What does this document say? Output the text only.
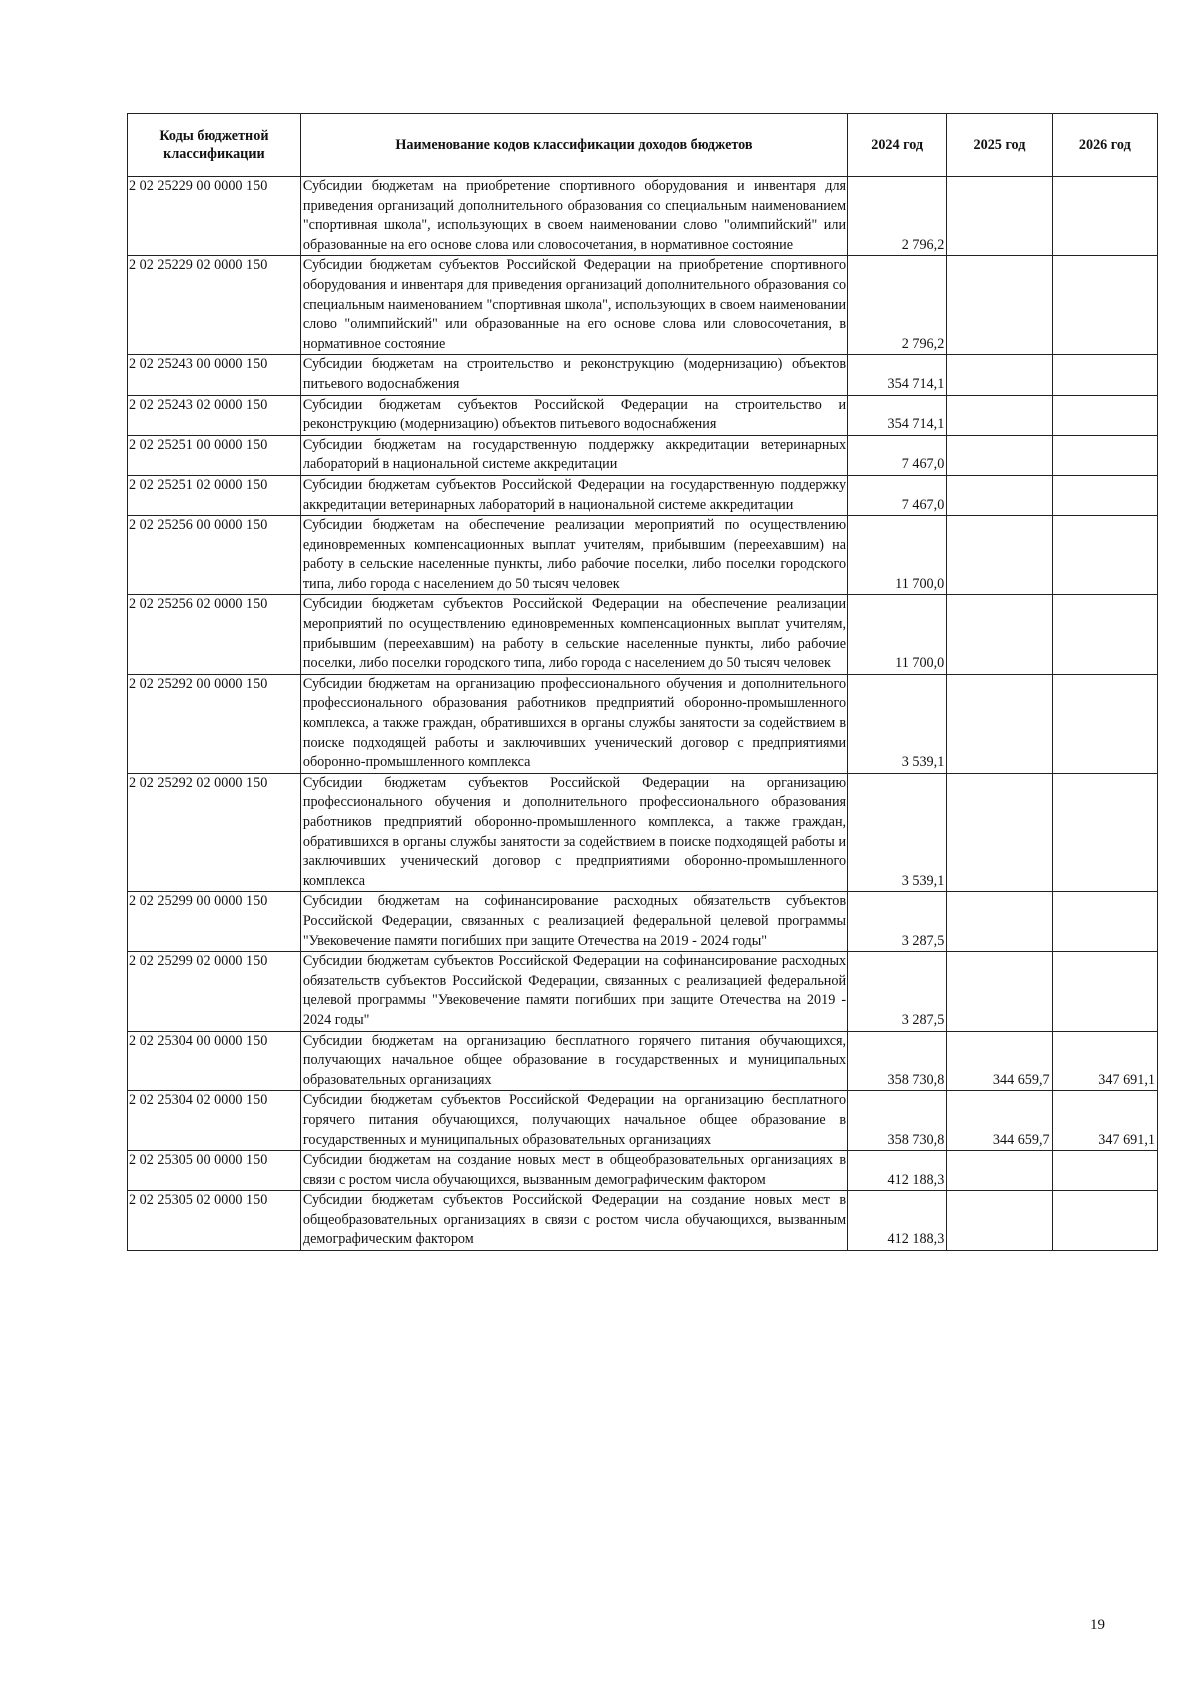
Коды бюджетной классификации	Наименование кодов классификации доходов бюджетов	2024 год	2025 год	2026 год
2 02 25229 00 0000 150	Субсидии бюджетам на приобретение спортивного оборудования и инвентаря для приведения организаций дополнительного образования со специальным наименованием "спортивная школа", использующих в своем наименовании слово "олимпийский" или образованные на его основе слова или словосочетания, в нормативное состояние	2 796,2		
2 02 25229 02 0000 150	Субсидии бюджетам субъектов Российской Федерации на приобретение спортивного оборудования и инвентаря для приведения организаций дополнительного образования со специальным наименованием "спортивная школа", использующих в своем наименовании слово "олимпийский" или образованные на его основе слова или словосочетания, в нормативное состояние	2 796,2		
2 02 25243 00 0000 150	Субсидии бюджетам на строительство и реконструкцию (модернизацию) объектов питьевого водоснабжения	354 714,1		
2 02 25243 02 0000 150	Субсидии бюджетам субъектов Российской Федерации на строительство и реконструкцию (модернизацию) объектов питьевого водоснабжения	354 714,1		
2 02 25251 00 0000 150	Субсидии бюджетам на государственную поддержку аккредитации ветеринарных лабораторий в национальной системе аккредитации	7 467,0		
2 02 25251 02 0000 150	Субсидии бюджетам субъектов Российской Федерации на государственную поддержку аккредитации ветеринарных лабораторий в национальной системе аккредитации	7 467,0		
2 02 25256 00 0000 150	Субсидии бюджетам на обеспечение реализации мероприятий по осуществлению единовременных компенсационных выплат учителям, прибывшим (переехавшим) на работу в сельские населенные пункты, либо рабочие поселки, либо поселки городского типа, либо города с населением до 50 тысяч человек	11 700,0		
2 02 25256 02 0000 150	Субсидии бюджетам субъектов Российской Федерации на обеспечение реализации мероприятий по осуществлению единовременных компенсационных выплат учителям, прибывшим (переехавшим) на работу в сельские населенные пункты, либо рабочие поселки, либо поселки городского типа, либо города с населением до 50 тысяч человек	11 700,0		
2 02 25292 00 0000 150	Субсидии бюджетам на организацию профессионального обучения и дополнительного профессионального образования работников предприятий оборонно-промышленного комплекса, а также граждан, обратившихся в органы службы занятости за содействием в поиске подходящей работы и заключивших ученический договор с предприятиями оборонно-промышленного комплекса	3 539,1		
2 02 25292 02 0000 150	Субсидии бюджетам субъектов Российской Федерации на организацию профессионального обучения и дополнительного профессионального образования работников предприятий оборонно-промышленного комплекса, а также граждан, обратившихся в органы службы занятости за содействием в поиске подходящей работы и заключивших ученический договор с предприятиями оборонно-промышленного комплекса	3 539,1		
2 02 25299 00 0000 150	Субсидии бюджетам на софинансирование расходных обязательств субъектов Российской Федерации, связанных с реализацией федеральной целевой программы "Увековечение памяти погибших при защите Отечества на 2019 - 2024 годы"	3 287,5		
2 02 25299 02 0000 150	Субсидии бюджетам субъектов Российской Федерации на софинансирование расходных обязательств субъектов Российской Федерации, связанных с реализацией федеральной целевой программы "Увековечение памяти погибших при защите Отечества на 2019 - 2024 годы"	3 287,5		
2 02 25304 00 0000 150	Субсидии бюджетам на организацию бесплатного горячего питания обучающихся, получающих начальное общее образование в государственных и муниципальных образовательных организациях	358 730,8	344 659,7	347 691,1
2 02 25304 02 0000 150	Субсидии бюджетам субъектов Российской Федерации на организацию бесплатного горячего питания обучающихся, получающих начальное общее образование в государственных и муниципальных образовательных организациях	358 730,8	344 659,7	347 691,1
2 02 25305 00 0000 150	Субсидии бюджетам на создание новых мест в общеобразовательных организациях в связи с ростом числа обучающихся, вызванным демографическим фактором	412 188,3		
2 02 25305 02 0000 150	Субсидии бюджетам субъектов Российской Федерации на создание новых мест в общеобразовательных организациях в связи с ростом числа обучающихся, вызванным демографическим фактором	412 188,3		
19
